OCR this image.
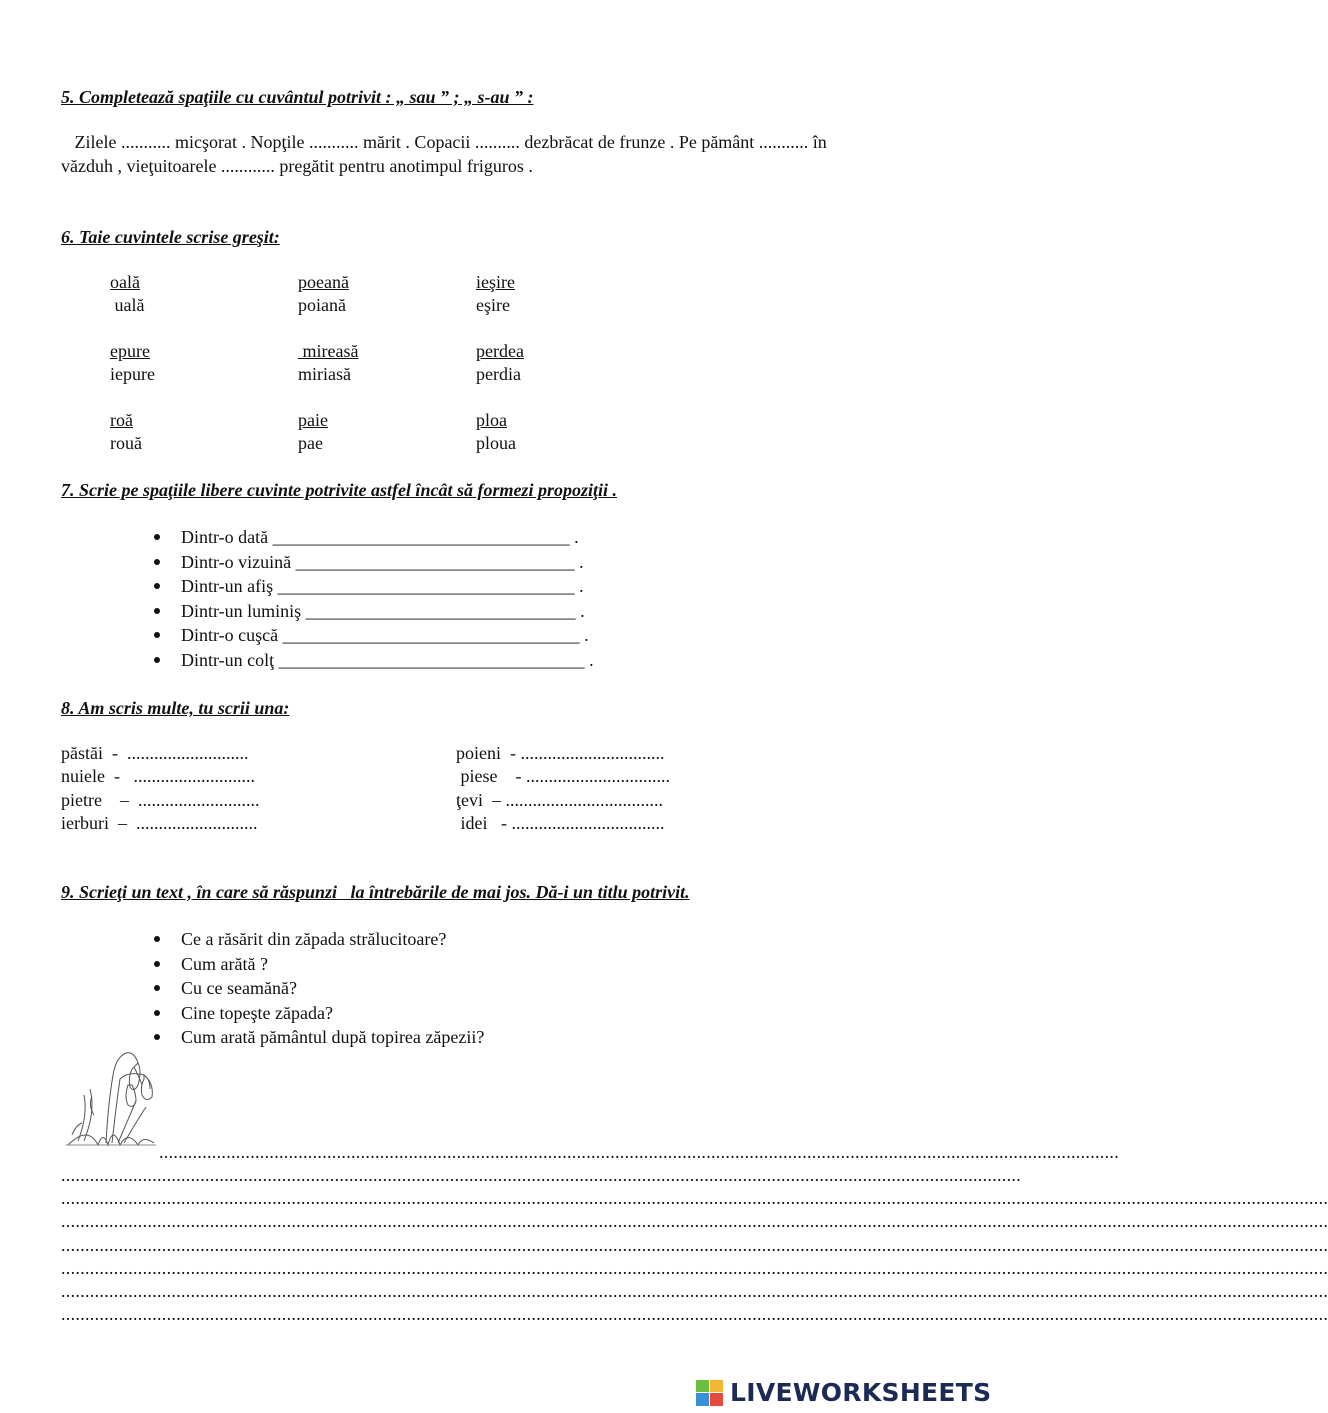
5. Completează spaţiile cu cuvântul potrivit : „ sau ” ; „ s-au ” :
Zilele ........... micşorat . Nopţile ........... mărit . Copacii .......... dezbrăcat de frunze . Pe pământ ........... în
văzduh , vieţuitoarele ............ pregătit pentru anotimpul friguros .
6. Taie cuvintele scrise greşit:
oală
uală
poeană
poiană
ieşire
eşire
epure
iepure
mireasă
miriasă
perdea
perdia
roă
rouă
paie
pae
ploa
ploua
7. Scrie pe spaţiile libere cuvinte potrivite astfel încât să formezi propoziţii .
Dintr-o dată _________________________________ .
Dintr-o vizuină _______________________________ .
Dintr-un afiş _________________________________ .
Dintr-un luminiş ______________________________ .
Dintr-o cuşcă _________________________________ .
Dintr-un colţ __________________________________ .
8. Am scris multe, tu scrii una:
păstăi  -  ...........................
nuiele  -   ...........................
pietre    –  ...........................
ierburi  –  ...........................
poieni  - ................................
piese    - ................................
ţevi  – ...................................
idei   - ..................................
9. Scrieţi un text , în care să răspunzi   la întrebările de mai jos. Dă-i un titlu potrivit.
Ce a răsărit din zăpada strălucitoare?
Cum arătă ?
Cu ce seamănă?
Cine topeşte zăpada?
Cum arată pământul după topirea zăpezii?
........................................................................................................................................................................................................
........................................................................................................................................................................................................
........................................................................................................................................................................................................................................................................
........................................................................................................................................................................................................................................................................
........................................................................................................................................................................................................................................................................
........................................................................................................................................................................................................................................................................
........................................................................................................................................................................................................................................................................
........................................................................................................................................................................................................................................................................
LIVEWORKSHEETS
